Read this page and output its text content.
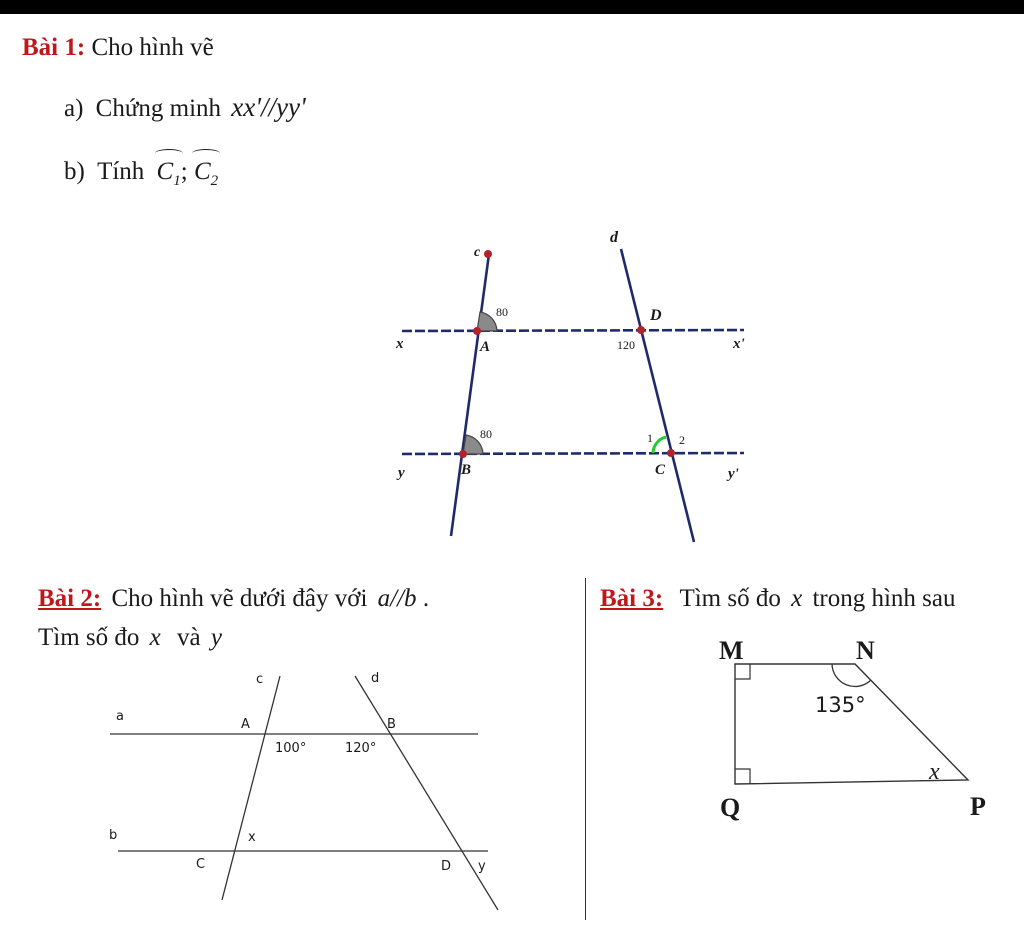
Bài 1: Cho hình vẽ
a) Chứng minh xx'//yy'
b) Tính $C_1$; $C_2$
c
d
D
x	A	x'
y	B	C	y'
80
80
120
1 2
Bài 2: Cho hình vẽ dưới đây với a//b .
Tìm số đo x và y
c	d
a
A	B
100°	120°
b	x
C	D y
Bài 3: Tìm số đo x trong hình sau
M	N
Q	P
135°
x
